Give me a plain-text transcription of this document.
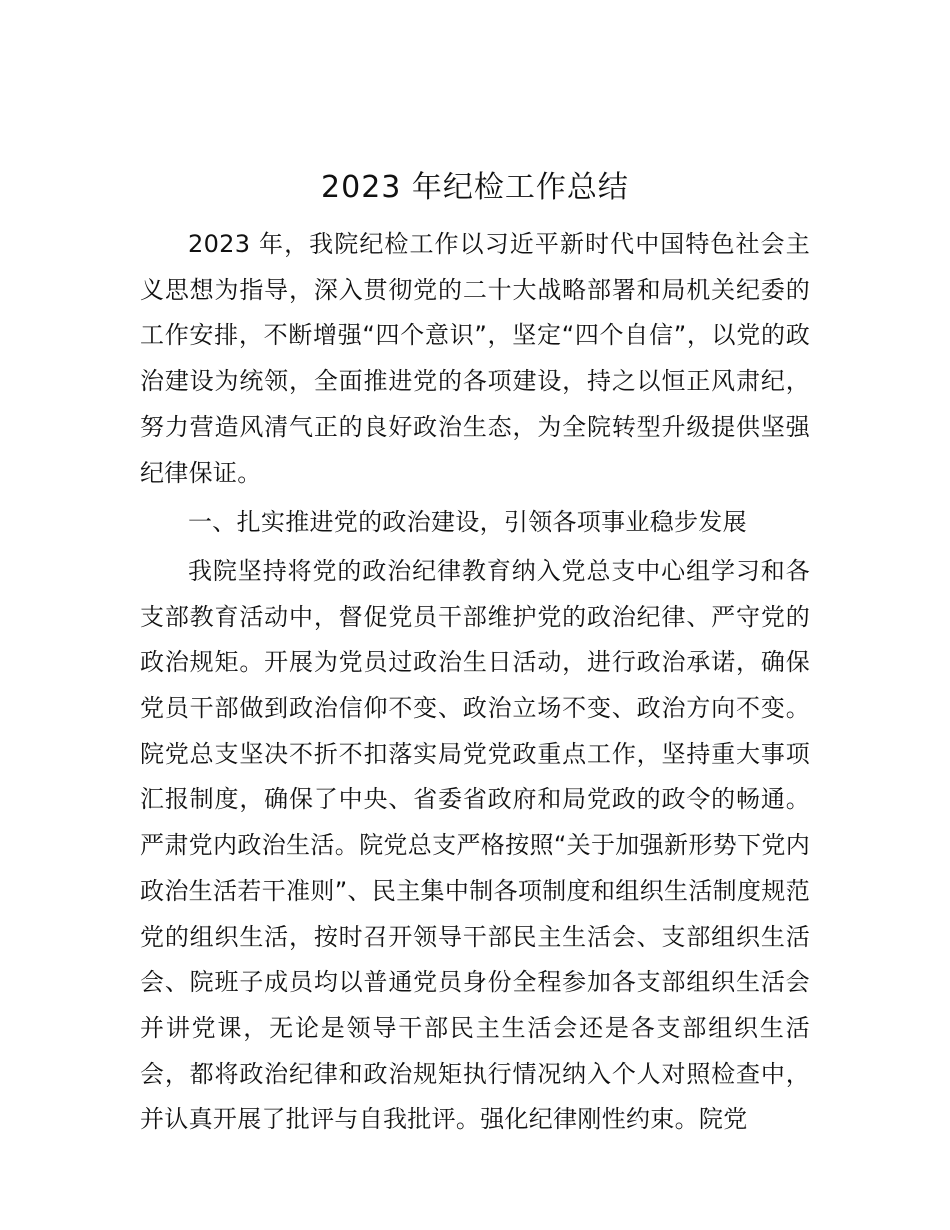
2023 年纪检工作总结

2023 年，我院纪检工作以习近平新时代中国特色社会主义思想为指导，深入贯彻党的二十大战略部署和局机关纪委的工作安排，不断增强“四个意识”，坚定“四个自信”，以党的政治建设为统领，全面推进党的各项建设，持之以恒正风肃纪，努力营造风清气正的良好政治生态，为全院转型升级提供坚强纪律保证。

一、扎实推进党的政治建设，引领各项事业稳步发展

我院坚持将党的政治纪律教育纳入党总支中心组学习和各支部教育活动中，督促党员干部维护党的政治纪律、严守党的政治规矩。开展为党员过政治生日活动，进行政治承诺，确保党员干部做到政治信仰不变、政治立场不变、政治方向不变。院党总支坚决不折不扣落实局党党政重点工作，坚持重大事项汇报制度，确保了中央、省委省政府和局党政的政令的畅通。严肃党内政治生活。院党总支严格按照“关于加强新形势下党内政治生活若干准则”、民主集中制各项制度和组织生活制度规范党的组织生活，按时召开领导干部民主生活会、支部组织生活会、院班子成员均以普通党员身份全程参加各支部组织生活会并讲党课，无论是领导干部民主生活会还是各支部组织生活会，都将政治纪律和政治规矩执行情况纳入个人对照检查中，并认真开展了批评与自我批评。强化纪律刚性约束。院党
